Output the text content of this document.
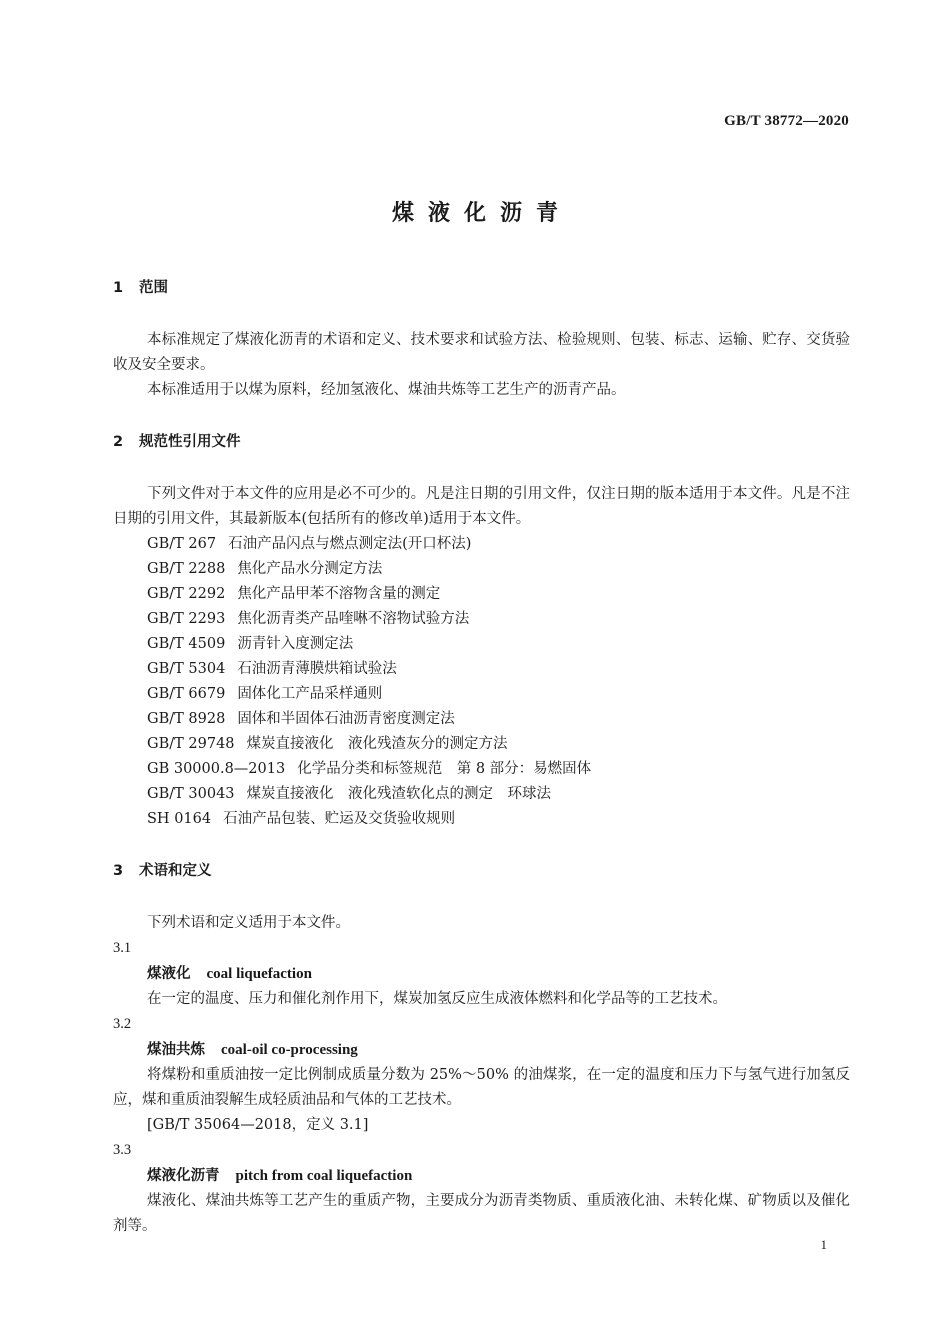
GB/T 38772—2020
煤液化沥青
1 范围
本标准规定了煤液化沥青的术语和定义、技术要求和试验方法、检验规则、包装、标志、运输、贮存、交货验收及安全要求。
本标准适用于以煤为原料，经加氢液化、煤油共炼等工艺生产的沥青产品。
2 规范性引用文件
下列文件对于本文件的应用是必不可少的。凡是注日期的引用文件，仅注日期的版本适用于本文件。凡是不注日期的引用文件，其最新版本(包括所有的修改单)适用于本文件。
GB/T 267 石油产品闪点与燃点测定法(开口杯法)
GB/T 2288 焦化产品水分测定方法
GB/T 2292 焦化产品甲苯不溶物含量的测定
GB/T 2293 焦化沥青类产品喹啉不溶物试验方法
GB/T 4509 沥青针入度测定法
GB/T 5304 石油沥青薄膜烘箱试验法
GB/T 6679 固体化工产品采样通则
GB/T 8928 固体和半固体石油沥青密度测定法
GB/T 29748 煤炭直接液化　液化残渣灰分的测定方法
GB 30000.8—2013 化学品分类和标签规范　第 8 部分：易燃固体
GB/T 30043 煤炭直接液化　液化残渣软化点的测定　环球法
SH 0164 石油产品包装、贮运及交货验收规则
3 术语和定义
下列术语和定义适用于本文件。
3.1
煤液化 coal liquefaction
在一定的温度、压力和催化剂作用下，煤炭加氢反应生成液体燃料和化学品等的工艺技术。
3.2
煤油共炼 coal-oil co-processing
将煤粉和重质油按一定比例制成质量分数为 25%～50% 的油煤浆，在一定的温度和压力下与氢气进行加氢反应，煤和重质油裂解生成轻质油品和气体的工艺技术。
[GB/T 35064—2018，定义 3.1]
3.3
煤液化沥青 pitch from coal liquefaction
煤液化、煤油共炼等工艺产生的重质产物，主要成分为沥青类物质、重质液化油、未转化煤、矿物质以及催化剂等。
1
